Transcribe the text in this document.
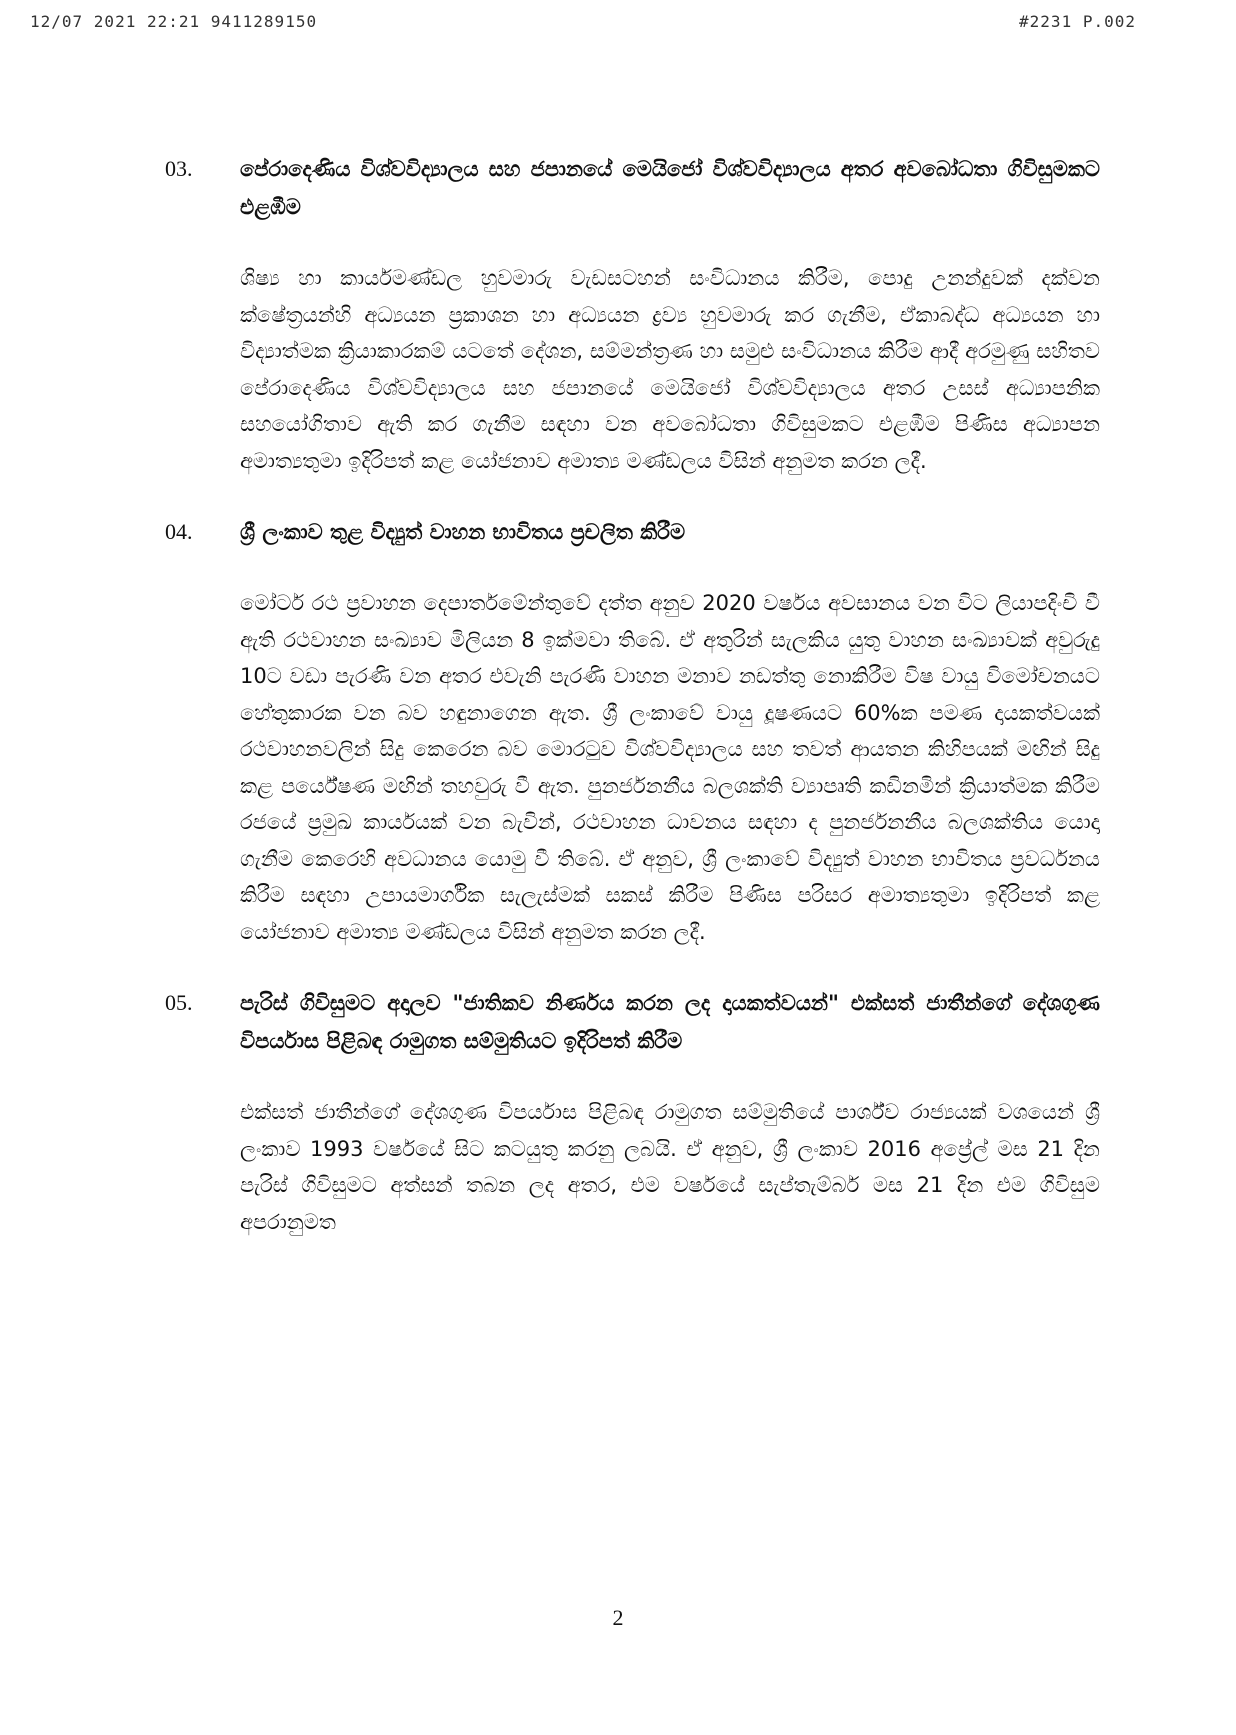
12/07 2021 22:21 9411289150	#2231 P.002
03.	පේරාදෙණිය විශ්වවිද්‍යාලය සහ ජපානයේ මෙයිජෝ විශ්වවිද්‍යාලය අතර අවබෝධතා ගිවිසුමකට එළඹීම
ශිෂ්‍ය හා කාර්යමණ්ඩල හුවමාරු වැඩසටහන් සංවිධානය කිරීම, පොදු උනන්දුවක් දක්වන ක්ෂේත්‍රයන්හි අධ්‍යයන ප්‍රකාශන හා අධ්‍යයන ද්‍රව්‍ය හුවමාරු කර ගැනීම, ඒකාබද්ධ අධ්‍යයන හා විද්‍යාත්මක ක්‍රියාකාරකම් යටතේ දේශන, සම්මන්ත්‍රණ හා සමුළු සංවිධානය කිරීම ආදී අරමුණු සහිතව පේරාදෙණිය විශ්වවිද්‍යාලය සහ ජපානයේ මෙයිජෝ විශ්වවිද්‍යාලය අතර උසස් අධ්‍යාපනික සහයෝගිතාව ඇති කර ගැනීම සඳහා වන අවබෝධතා ගිවිසුමකට එළඹීම පිණිස අධ්‍යාපන අමාත්‍යතුමා ඉදිරිපත් කළ යෝජනාව අමාත්‍ය මණ්ඩලය විසින් අනුමත කරන ලදී.
04.	ශ්‍රී ලංකාව තුළ විද්‍යුත් වාහන භාවිතය ප්‍රචලිත කිරීම
මෝටර් රථ ප්‍රවාහන දෙපාර්තමේන්තුවේ දත්ත අනුව 2020 වර්ෂය අවසානය වන විට ලියාපදිංචි වී ඇති රථවාහන සංඛ්‍යාව මිලියන 8 ඉක්මවා තිබේ. ඒ අතුරින් සැලකිය යුතු වාහන සංඛ්‍යාවක් අවුරුදු 10ට වඩා පැරණි වන අතර එවැනි පැරණි වාහන මනාව නඩත්තු නොකිරීම විෂ වායු විමෝචනයට හේතුකාරක වන බව හඳුනාගෙන ඇත. ශ්‍රී ලංකාවේ වායු දූෂණයට 60%ක පමණ දායකත්වයක් රථවාහනවලින් සිදු කෙරෙන බව මොරටුව විශ්වවිද්‍යාලය සහ තවත් ආයතන කිහිපයක් මඟින් සිදු කළ පර්යේෂණ මඟින් තහවුරු වී ඇත. පුනර්ජනනීය බලශක්ති ව්‍යාපෘති කඩිනමින් ක්‍රියාත්මක කිරීම රජයේ ප්‍රමුඛ කාර්යයක් වන බැවින්, රථවාහන ධාවනය සඳහා ද පුනර්ජනනීය බලශක්තිය යොදා ගැනීම කෙරෙහි අවධානය යොමු වී තිබේ. ඒ අනුව, ශ්‍රී ලංකාවේ විද්‍යුත් වාහන භාවිතය ප්‍රවර්ධනය කිරීම සඳහා උපායමාර්ගික සැලැස්මක් සකස් කිරීම පිණිස පරිසර අමාත්‍යතුමා ඉදිරිපත් කළ යෝජනාව අමාත්‍ය මණ්ඩලය විසින් අනුමත කරන ලදී.
05.	පැරිස් ගිවිසුමට අදාලව "ජාතිකව නිර්ණය කරන ලද දායකත්වයන්" එක්සත් ජාතීන්ගේ දේශගුණ විපර්යාස පිළිබඳ රාමුගත සම්මුතියට ඉදිරිපත් කිරීම
එක්සත් ජාතීන්ගේ දේශගුණ විපර්යාස පිළිබඳ රාමුගත සම්මුතියේ පාර්ශ්ව රාජ්‍යයක් වශයෙන් ශ්‍රී ලංකාව 1993 වර්ෂයේ සිට කටයුතු කරනු ලබයි. ඒ අනුව, ශ්‍රී ලංකාව 2016 අප්‍රේල් මස 21 දින පැරිස් ගිවිසුමට අත්සන් තබන ලද අතර, එම වර්ෂයේ සැප්තැම්බර් මස 21 දින එම ගිවිසුම අපරානුමත
2
